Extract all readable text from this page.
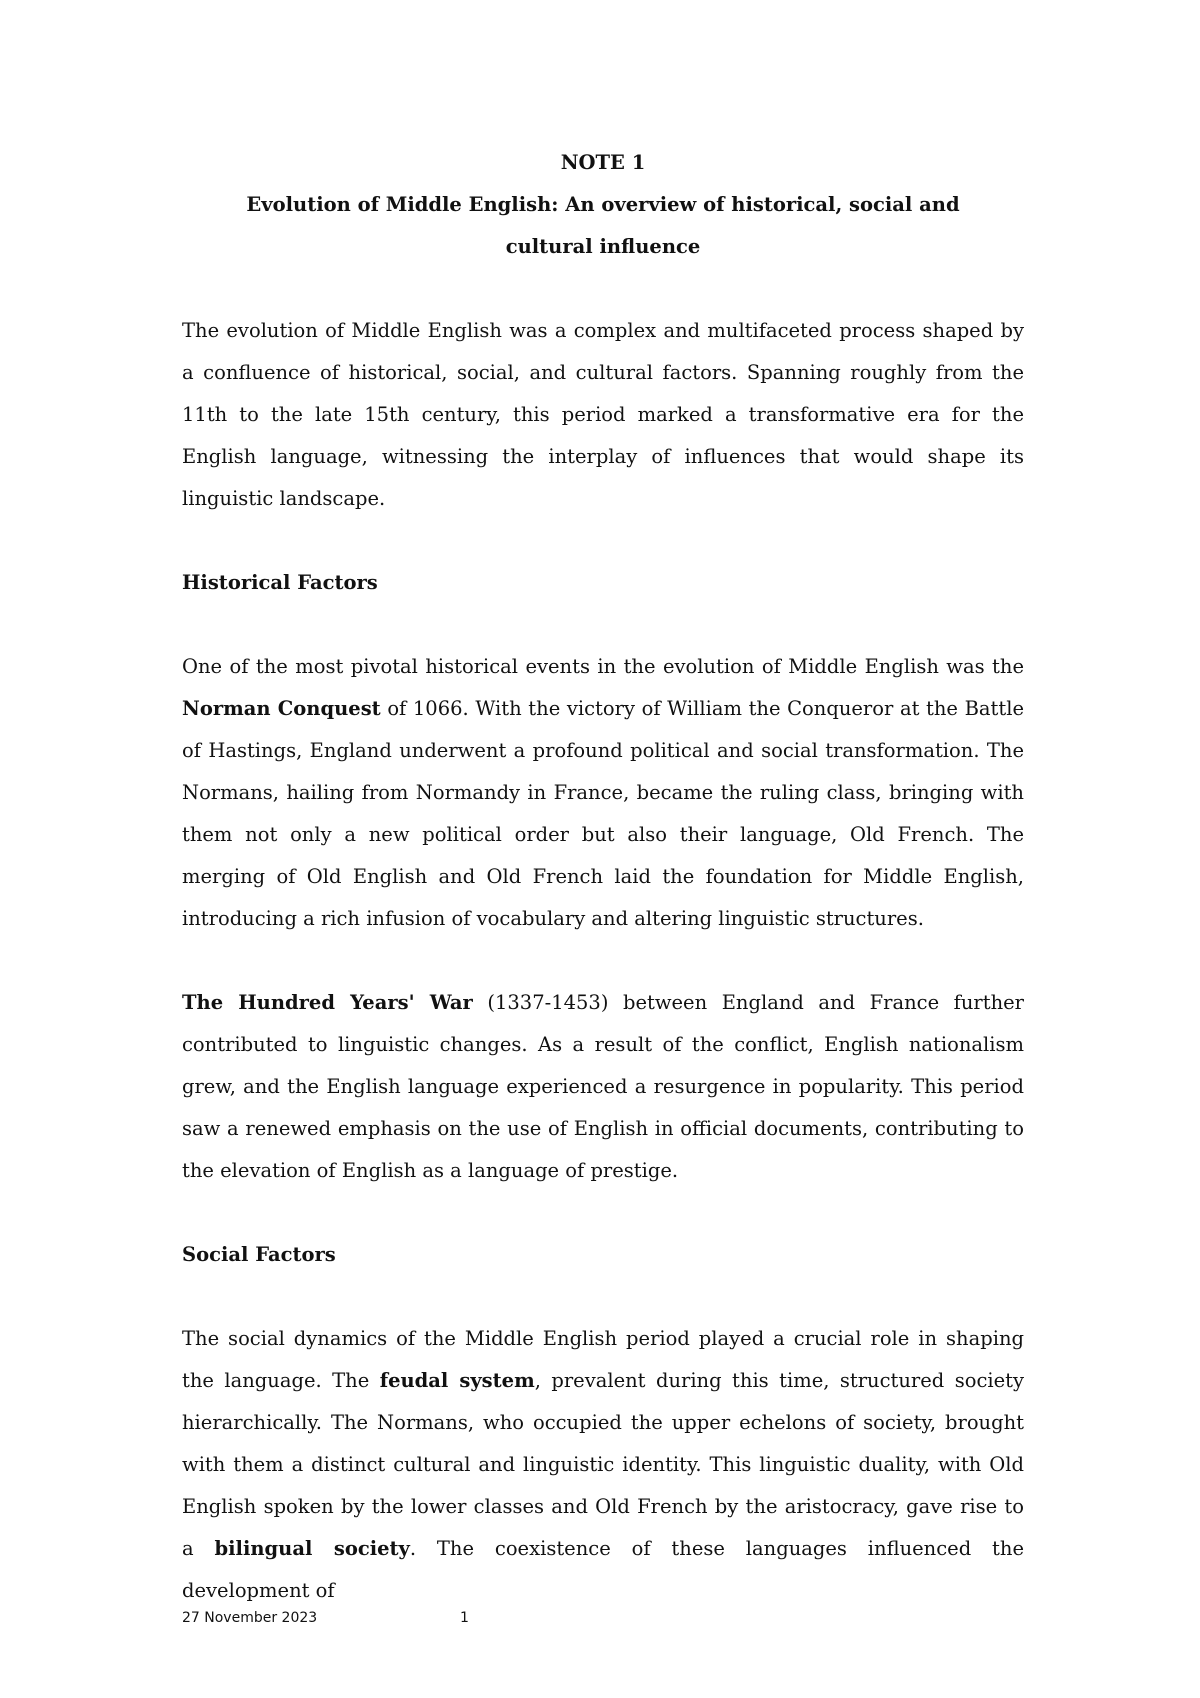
NOTE 1

Evolution of Middle English: An overview of historical, social and cultural influence

The evolution of Middle English was a complex and multifaceted process shaped by a confluence of historical, social, and cultural factors. Spanning roughly from the 11th to the late 15th century, this period marked a transformative era for the English language, witnessing the interplay of influences that would shape its linguistic landscape.

Historical Factors

One of the most pivotal historical events in the evolution of Middle English was the Norman Conquest of 1066. With the victory of William the Conqueror at the Battle of Hastings, England underwent a profound political and social transformation. The Normans, hailing from Normandy in France, became the ruling class, bringing with them not only a new political order but also their language, Old French. The merging of Old English and Old French laid the foundation for Middle English, introducing a rich infusion of vocabulary and altering linguistic structures.

The Hundred Years' War (1337-1453) between England and France further contributed to linguistic changes. As a result of the conflict, English nationalism grew, and the English language experienced a resurgence in popularity. This period saw a renewed emphasis on the use of English in official documents, contributing to the elevation of English as a language of prestige.

Social Factors

The social dynamics of the Middle English period played a crucial role in shaping the language. The feudal system, prevalent during this time, structured society hierarchically. The Normans, who occupied the upper echelons of society, brought with them a distinct cultural and linguistic identity. This linguistic duality, with Old English spoken by the lower classes and Old French by the aristocracy, gave rise to a bilingual society. The coexistence of these languages influenced the development of

27 November 2023	1
